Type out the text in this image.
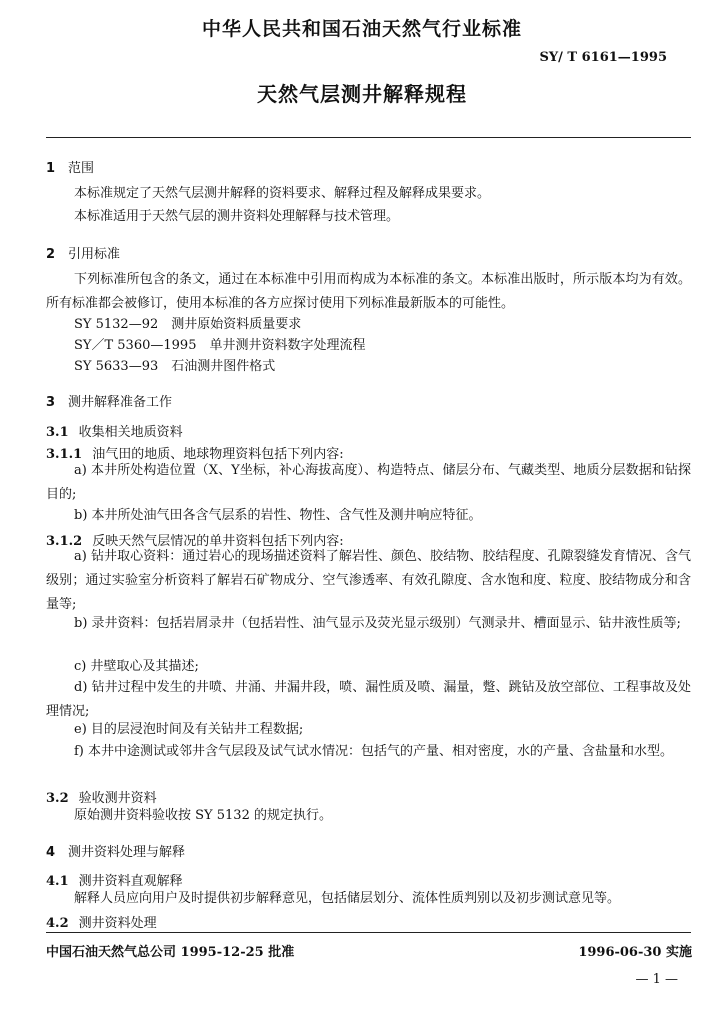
中华人民共和国石油天然气行业标准
SY/ T 6161—1995
天然气层测井解释规程
1 范围
本标准规定了天然气层测井解释的资料要求、解释过程及解释成果要求。
本标准适用于天然气层的测井资料处理解释与技术管理。
2 引用标准
下列标准所包含的条文，通过在本标准中引用而构成为本标准的条文。本标准出版时，所示版本均为有效。所有标准都会被修订，使用本标准的各方应探讨使用下列标准最新版本的可能性。
SY 5132—92　测井原始资料质量要求
SY／T 5360—1995　单井测井资料数字处理流程
SY 5633—93　石油测井图件格式
3 测井解释准备工作
3.1 收集相关地质资料
3.1.1 油气田的地质、地球物理资料包括下列内容:
a) 本井所处构造位置（X、Y坐标，补心海拔高度）、构造特点、储层分布、气藏类型、地质分层数据和钻探目的;
b) 本井所处油气田各含气层系的岩性、物性、含气性及测井响应特征。
3.1.2 反映天然气层情况的单井资料包括下列内容:
a) 钻井取心资料：通过岩心的现场描述资料了解岩性、颜色、胶结物、胶结程度、孔隙裂缝发育情况、含气级别；通过实验室分析资料了解岩石矿物成分、空气渗透率、有效孔隙度、含水饱和度、粒度、胶结物成分和含量等;
b) 录井资料：包括岩屑录井（包括岩性、油气显示及荧光显示级别）气测录井、槽面显示、钻井液性质等;
c) 井壁取心及其描述;
d) 钻井过程中发生的井喷、井涌、井漏井段，喷、漏性质及喷、漏量，蹩、跳钻及放空部位、工程事故及处理情况;
e) 目的层浸泡时间及有关钻井工程数据;
f) 本井中途测试或邻井含气层段及试气试水情况：包括气的产量、相对密度，水的产量、含盐量和水型。
3.2 验收测井资料
原始测井资料验收按 SY 5132 的规定执行。
4 测井资料处理与解释
4.1 测井资料直观解释
解释人员应向用户及时提供初步解释意见，包括储层划分、流体性质判别以及初步测试意见等。
4.2 测井资料处理
中国石油天然气总公司 1995-12-25 批准	1996-06-30 实施
— 1 —
